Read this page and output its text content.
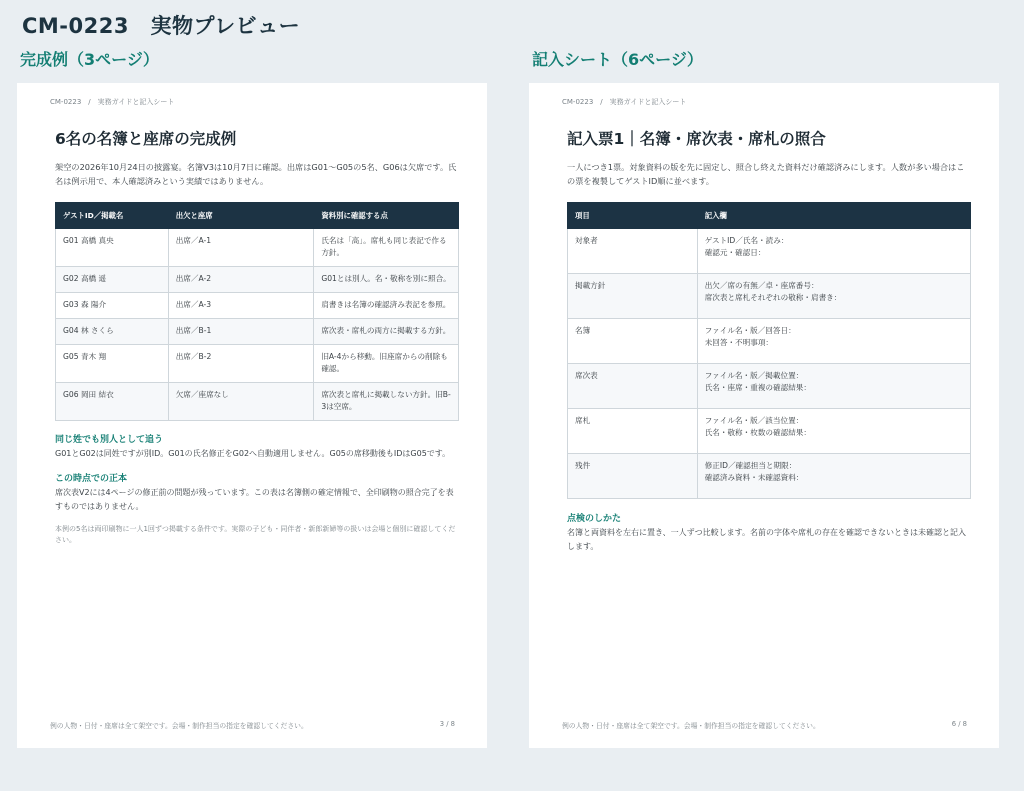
CM-0223　実物プレビュー
完成例（3ページ）	記入シート（6ページ）
CM-0223　/　実務ガイドと記入シート
6名の名簿と座席の完成例
架空の2026年10月24日の披露宴。名簿V3は10月7日に確認。出席はG01〜G05の5名、G06は欠席です。氏名は例示用で、本人確認済みという実績ではありません。
ゲストID／掲載名	出欠と座席	資料別に確認する点
G01 高橋 真央	出席／A-1	氏名は「高」。席札も同じ表記で作る方針。
G02 高橋 遥	出席／A-2	G01とは別人。名・敬称を別に照合。
G03 森 陽介	出席／A-3	肩書きは名簿の確認済み表記を参照。
G04 林 さくら	出席／B-1	席次表・席札の両方に掲載する方針。
G05 青木 翔	出席／B-2	旧A-4から移動。旧座席からの削除も確認。
G06 岡田 結衣	欠席／座席なし	席次表と席札に掲載しない方針。旧B-3は空席。
同じ姓でも別人として追う
G01とG02は同姓ですが別ID。G01の氏名修正をG02へ自動適用しません。G05の席移動後もIDはG05です。
この時点での正本
席次表V2には4ページの修正前の問題が残っています。この表は名簿側の確定情報で、全印刷物の照合完了を表すものではありません。
本例の5名は両印刷物に一人1回ずつ掲載する条件です。実際の子ども・同伴者・新郎新婦等の扱いは会場と個別に確認してください。
例の人物・日付・座席は全て架空です。会場・制作担当の指定を確認してください。	3 / 8
CM-0223　/　実務ガイドと記入シート
記入票1｜名簿・席次表・席札の照合
一人につき1票。対象資料の版を先に固定し、照合し終えた資料だけ確認済みにします。人数が多い場合はこの票を複製してゲストID順に並べます。
項目	記入欄
対象者	ゲストID／氏名・読み：
確認元・確認日：
掲載方針	出欠／席の有無／卓・座席番号：
席次表と席札それぞれの敬称・肩書き：
名簿	ファイル名・版／回答日：
未回答・不明事項：
席次表	ファイル名・版／掲載位置：
氏名・座席・重複の確認結果：
席札	ファイル名・版／該当位置：
氏名・敬称・枚数の確認結果：
残件	修正ID／確認担当と期限：
確認済み資料・未確認資料：
点検のしかた
名簿と両資料を左右に置き、一人ずつ比較します。名前の字体や席札の存在を確認できないときは未確認と記入します。
例の人物・日付・座席は全て架空です。会場・制作担当の指定を確認してください。	6 / 8
